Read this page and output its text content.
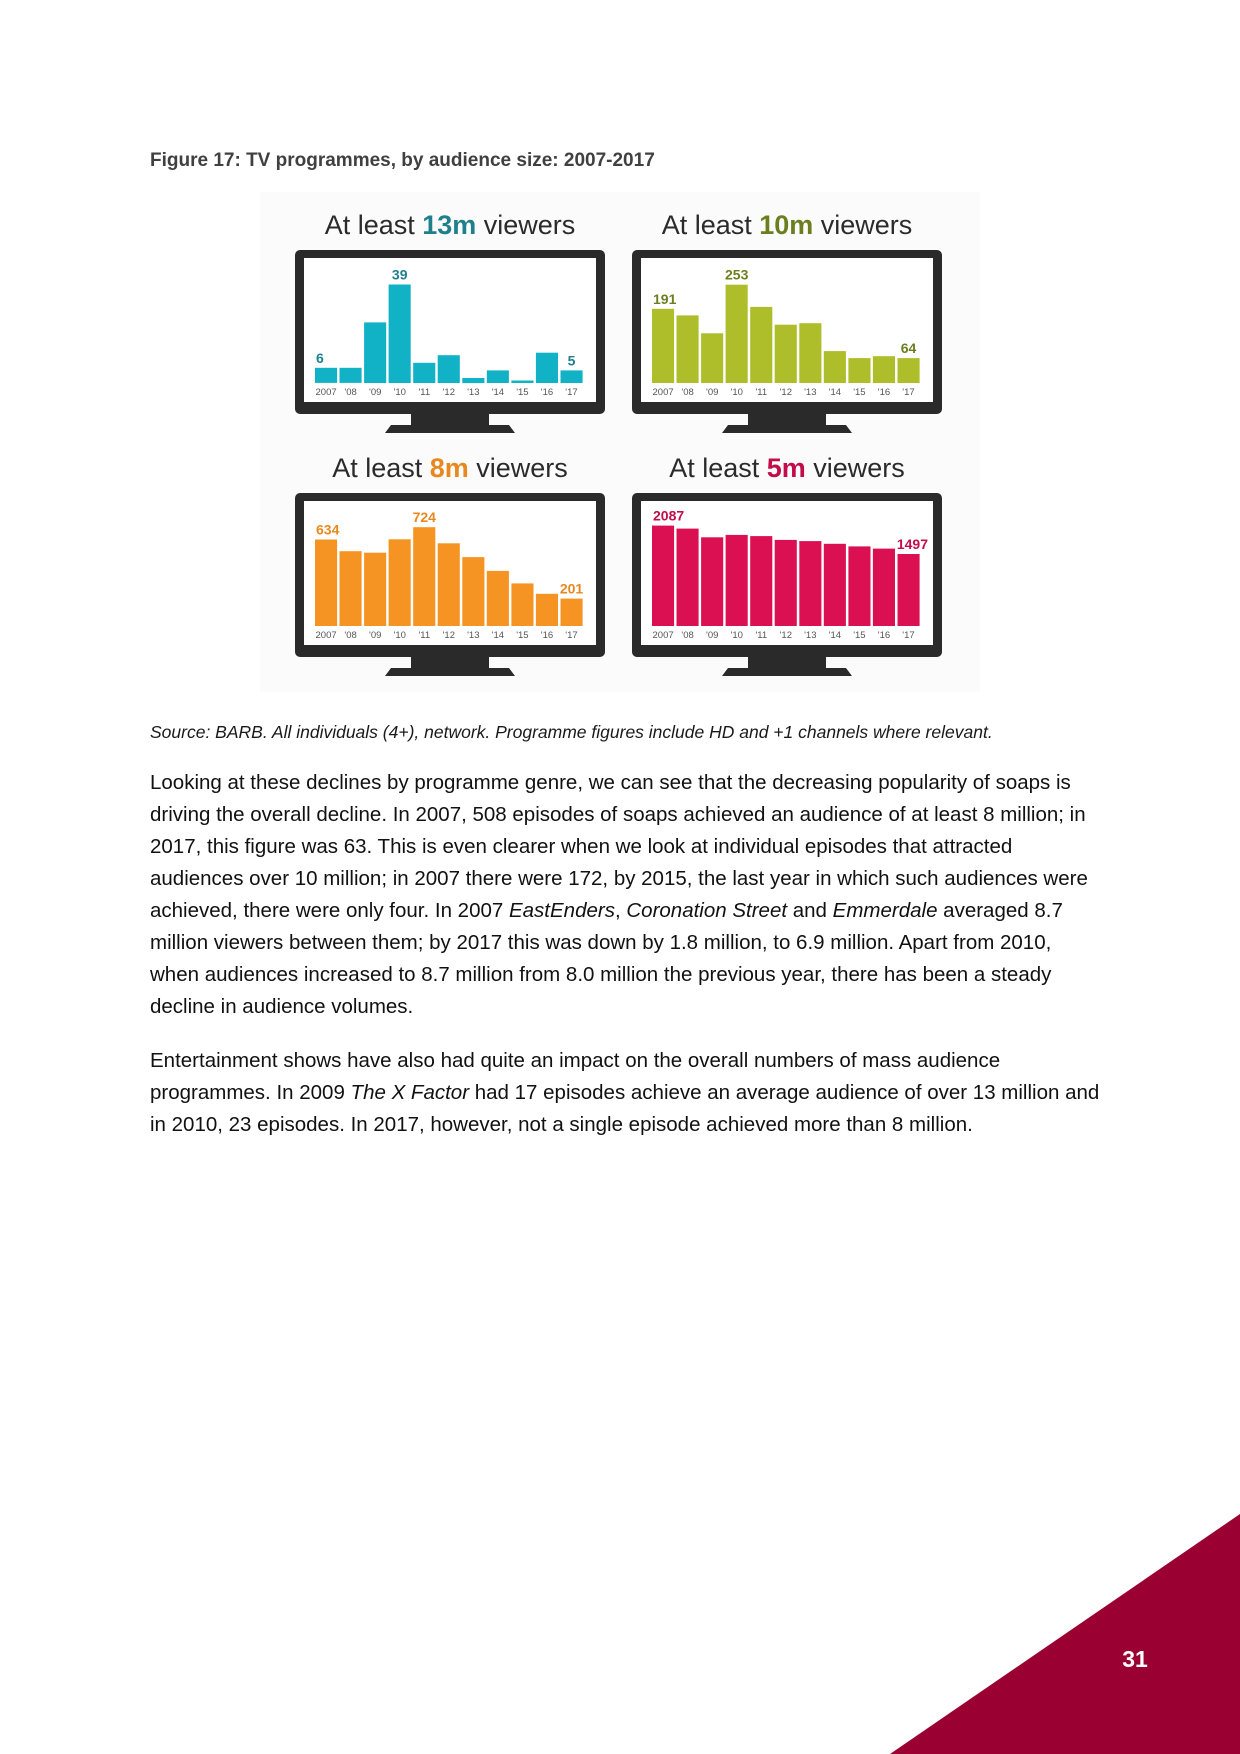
Figure 17: TV programmes, by audience size: 2007-2017
At least 13m viewers
2007 '08 '09 '10 '11 '12 '13 '14 '15 '16 '17
6
39
5
At least 10m viewers
2007 '08 '09 '10 '11 '12 '13 '14 '15 '16 '17
191
253
64
At least 8m viewers
2007 '08 '09 '10 '11 '12 '13 '14 '15 '16 '17
634
724
201
At least 5m viewers
2007 '08 '09 '10 '11 '12 '13 '14 '15 '16 '17
2087
1497
Source: BARB. All individuals (4+), network. Programme figures include HD and +1 channels where relevant.

Looking at these declines by programme genre, we can see that the decreasing popularity of soaps is driving the overall decline. In 2007, 508 episodes of soaps achieved an audience of at least 8 million; in 2017, this figure was 63. This is even clearer when we look at individual episodes that attracted audiences over 10 million; in 2007 there were 172, by 2015, the last year in which such audiences were achieved, there were only four. In 2007 EastEnders, Coronation Street and Emmerdale averaged 8.7 million viewers between them; by 2017 this was down by 1.8 million, to 6.9 million. Apart from 2010, when audiences increased to 8.7 million from 8.0 million the previous year, there has been a steady decline in audience volumes.

Entertainment shows have also had quite an impact on the overall numbers of mass audience programmes. In 2009 The X Factor had 17 episodes achieve an average audience of over 13 million and in 2010, 23 episodes. In 2017, however, not a single episode achieved more than 8 million.

31
